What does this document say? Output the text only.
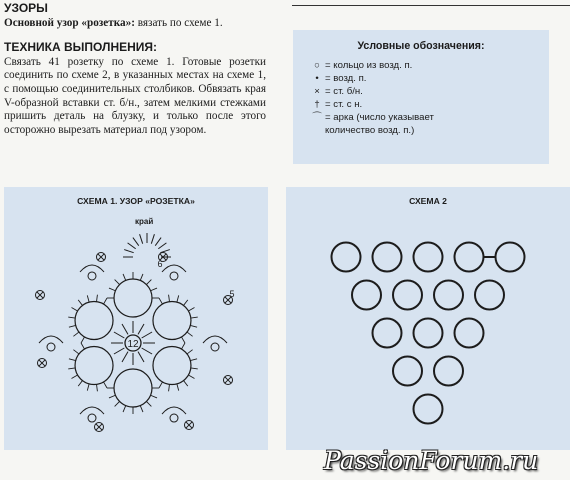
УЗОРЫ

Основной узор «розетка»: вязать по схеме 1.

ТЕХНИКА ВЫПОЛНЕНИЯ:

Связать 41 розетку по схеме 1. Готовые розетки соединить по схеме 2, в указанных местах на схеме 1, с помощью соединительных столбиков. Обвязать края V-образной вставки ст. б/н., затем мелкими стежками пришить деталь на блузку, и только после этого осторожно вырезать материал под узором.

Условные обозначения:
○ = кольцо из возд. п.
• = возд. п.
× = ст. б/н.
† = ст. с н.
⌒ = арка (число указывает
количество возд. п.)
СХЕМА 1. УЗОР «РОЗЕТКА»
край
12
6
5
СХЕМА 2
PassionForum.ru
